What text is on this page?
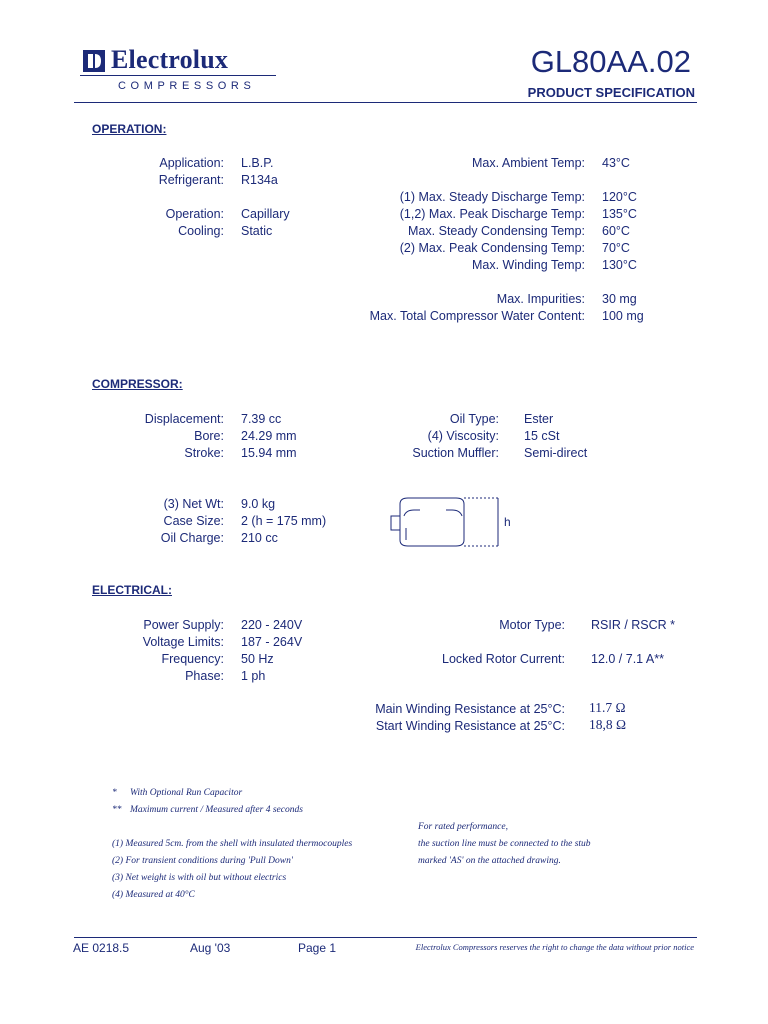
Electrolux
COMPRESSORS
GL80AA.02
PRODUCT SPECIFICATION
OPERATION:
Application: L.B.P.
Refrigerant: R134a
Operation: Capillary
Cooling: Static
Max. Ambient Temp: 43°C
(1) Max. Steady Discharge Temp: 120°C
(1,2) Max. Peak Discharge Temp: 135°C
Max. Steady Condensing Temp: 60°C
(2) Max. Peak Condensing Temp: 70°C
Max. Winding Temp: 130°C
Max. Impurities: 30 mg
Max. Total Compressor Water Content: 100 mg
COMPRESSOR:
Displacement: 7.39 cc
Bore: 24.29 mm
Stroke: 15.94 mm
(3) Net Wt: 9.0 kg
Case Size: 2 (h = 175 mm)
Oil Charge: 210 cc
Oil Type: Ester
(4) Viscosity: 15 cSt
Suction Muffler: Semi-direct
h
ELECTRICAL:
Power Supply: 220 - 240V
Voltage Limits: 187 - 264V
Frequency: 50 Hz
Phase: 1 ph
Motor Type: RSIR / RSCR *
Locked Rotor Current: 12.0 / 7.1 A**
Main Winding Resistance at 25°C: 11.7 Ω
Start Winding Resistance at 25°C: 18,8 Ω
* With Optional Run Capacitor
** Maximum current / Measured after 4 seconds
(1) Measured 5cm. from the shell with insulated thermocouples
(2) For transient conditions during 'Pull Down'
(3) Net weight is with oil but without electrics
(4) Measured at 40°C
For rated performance,
the suction line must be connected to the stub
marked 'AS' on the attached drawing.
AE 0218.5	Aug '03	Page 1	Electrolux Compressors reserves the right to change the data without prior notice
